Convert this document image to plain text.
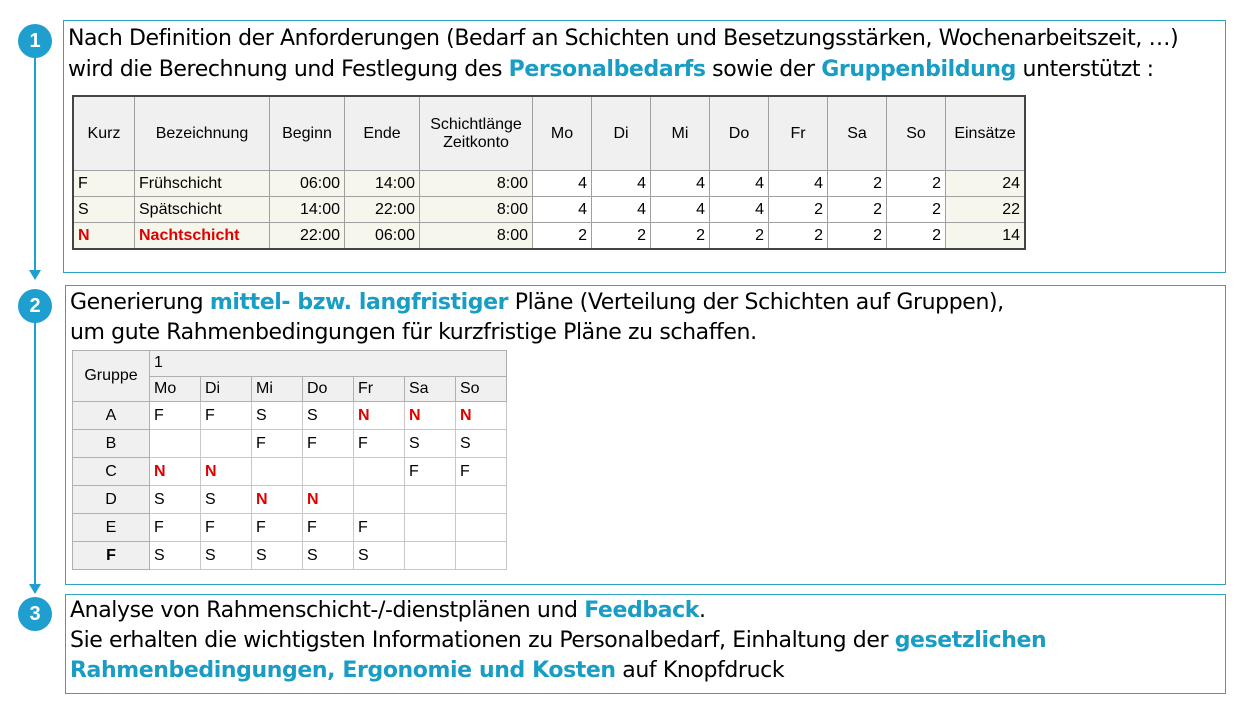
1	Nach Definition der Anforderungen (Bedarf an Schichten und Besetzungsstärken, Wochenarbeitszeit, …)
wird die Berechnung und Festlegung des Personalbedarfs sowie der Gruppenbildung unterstützt :
Kurz	Bezeichnung	Beginn	Ende	Schichtlänge
Zeitkonto	Mo	Di	Mi	Do	Fr	Sa	So	Einsätze
F	Frühschicht	06:00	14:00	8:00	4	4	4	4	4	2	2	24
S	Spätschicht	14:00	22:00	8:00	4	4	4	4	2	2	2	22
N	Nachtschicht	22:00	06:00	8:00	2	2	2	2	2	2	2	14
2	Generierung mittel- bzw. langfristiger Pläne (Verteilung der Schichten auf Gruppen),
um gute Rahmenbedingungen für kurzfristige Pläne zu schaffen.
Gruppe	1						
	Mo	Di	Mi	Do	Fr	Sa	So
A	F	F	S	S	N	N	N
B			F	F	F	S	S
C	N	N				F	F
D	S	S	N	N			
E	F	F	F	F	F		
F	S	S	S	S	S		
3	Analyse von Rahmenschicht-/-dienstplänen und Feedback.
Sie erhalten die wichtigsten Informationen zu Personalbedarf, Einhaltung der gesetzlichen
Rahmenbedingungen, Ergonomie und Kosten auf Knopfdruck
